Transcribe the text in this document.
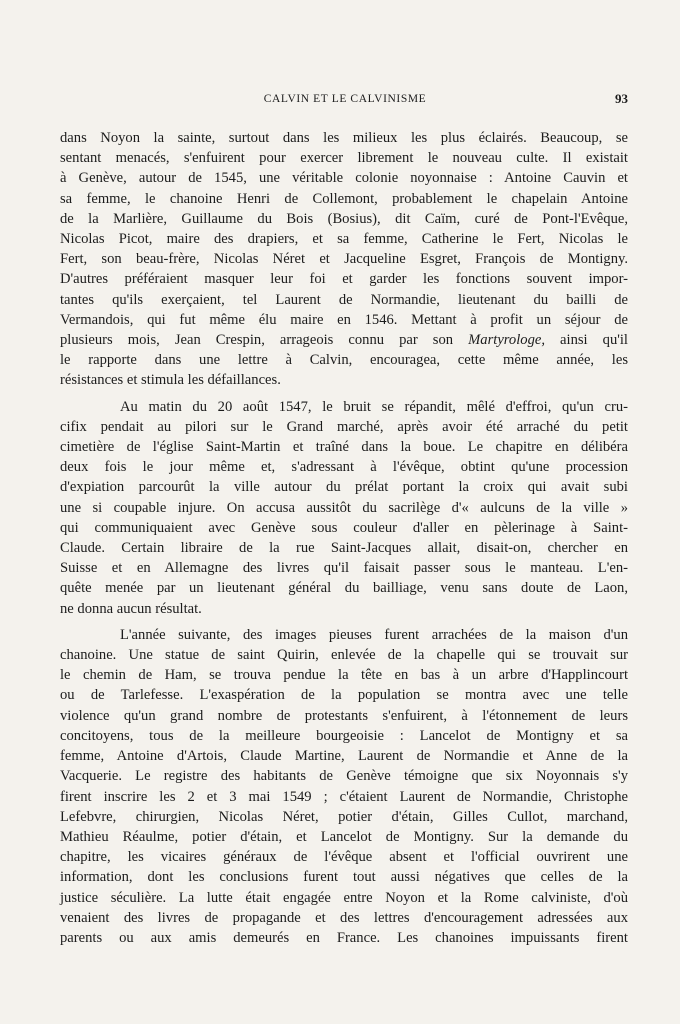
CALVIN ET LE CALVINISME	93

dans Noyon la sainte, surtout dans les milieux les plus éclairés. Beaucoup, se
sentant menacés, s'enfuirent pour exercer librement le nouveau culte. Il existait
à Genève, autour de 1545, une véritable colonie noyonnaise : Antoine Cauvin et
sa femme, le chanoine Henri de Collemont, probablement le chapelain Antoine
de la Marlière, Guillaume du Bois (Bosius), dit Caïm, curé de Pont-l'Evêque,
Nicolas Picot, maire des drapiers, et sa femme, Catherine le Fert, Nicolas le
Fert, son beau-frère, Nicolas Néret et Jacqueline Esgret, François de Montigny.
D'autres préféraient masquer leur foi et garder les fonctions souvent impor-
tantes qu'ils exerçaient, tel Laurent de Normandie, lieutenant du bailli de
Vermandois, qui fut même élu maire en 1546. Mettant à profit un séjour de
plusieurs mois, Jean Crespin, arrageois connu par son Martyrologe, ainsi qu'il
le rapporte dans une lettre à Calvin, encouragea, cette même année, les
résistances et stimula les défaillances.

Au matin du 20 août 1547, le bruit se répandit, mêlé d'effroi, qu'un cru-
cifix pendait au pilori sur le Grand marché, après avoir été arraché du petit
cimetière de l'église Saint-Martin et traîné dans la boue. Le chapitre en délibéra
deux fois le jour même et, s'adressant à l'évêque, obtint qu'une procession
d'expiation parcourût la ville autour du prélat portant la croix qui avait subi
une si coupable injure. On accusa aussitôt du sacrilège d'« aulcuns de la ville »
qui communiquaient avec Genève sous couleur d'aller en pèlerinage à Saint-
Claude. Certain libraire de la rue Saint-Jacques allait, disait-on, chercher en
Suisse et en Allemagne des livres qu'il faisait passer sous le manteau. L'en-
quête menée par un lieutenant général du bailliage, venu sans doute de Laon,
ne donna aucun résultat.

L'année suivante, des images pieuses furent arrachées de la maison d'un
chanoine. Une statue de saint Quirin, enlevée de la chapelle qui se trouvait sur
le chemin de Ham, se trouva pendue la tête en bas à un arbre d'Happlincourt
ou de Tarlefesse. L'exaspération de la population se montra avec une telle
violence qu'un grand nombre de protestants s'enfuirent, à l'étonnement de leurs
concitoyens, tous de la meilleure bourgeoisie : Lancelot de Montigny et sa
femme, Antoine d'Artois, Claude Martine, Laurent de Normandie et Anne de la
Vacquerie. Le registre des habitants de Genève témoigne que six Noyonnais s'y
firent inscrire les 2 et 3 mai 1549 ; c'étaient Laurent de Normandie, Christophe
Lefebvre, chirurgien, Nicolas Néret, potier d'étain, Gilles Cullot, marchand,
Mathieu Réaulme, potier d'étain, et Lancelot de Montigny. Sur la demande du
chapitre, les vicaires généraux de l'évêque absent et l'official ouvrirent une
information, dont les conclusions furent tout aussi négatives que celles de la
justice séculière. La lutte était engagée entre Noyon et la Rome calviniste, d'où
venaient des livres de propagande et des lettres d'encouragement adressées aux
parents ou aux amis demeurés en France. Les chanoines impuissants firent
